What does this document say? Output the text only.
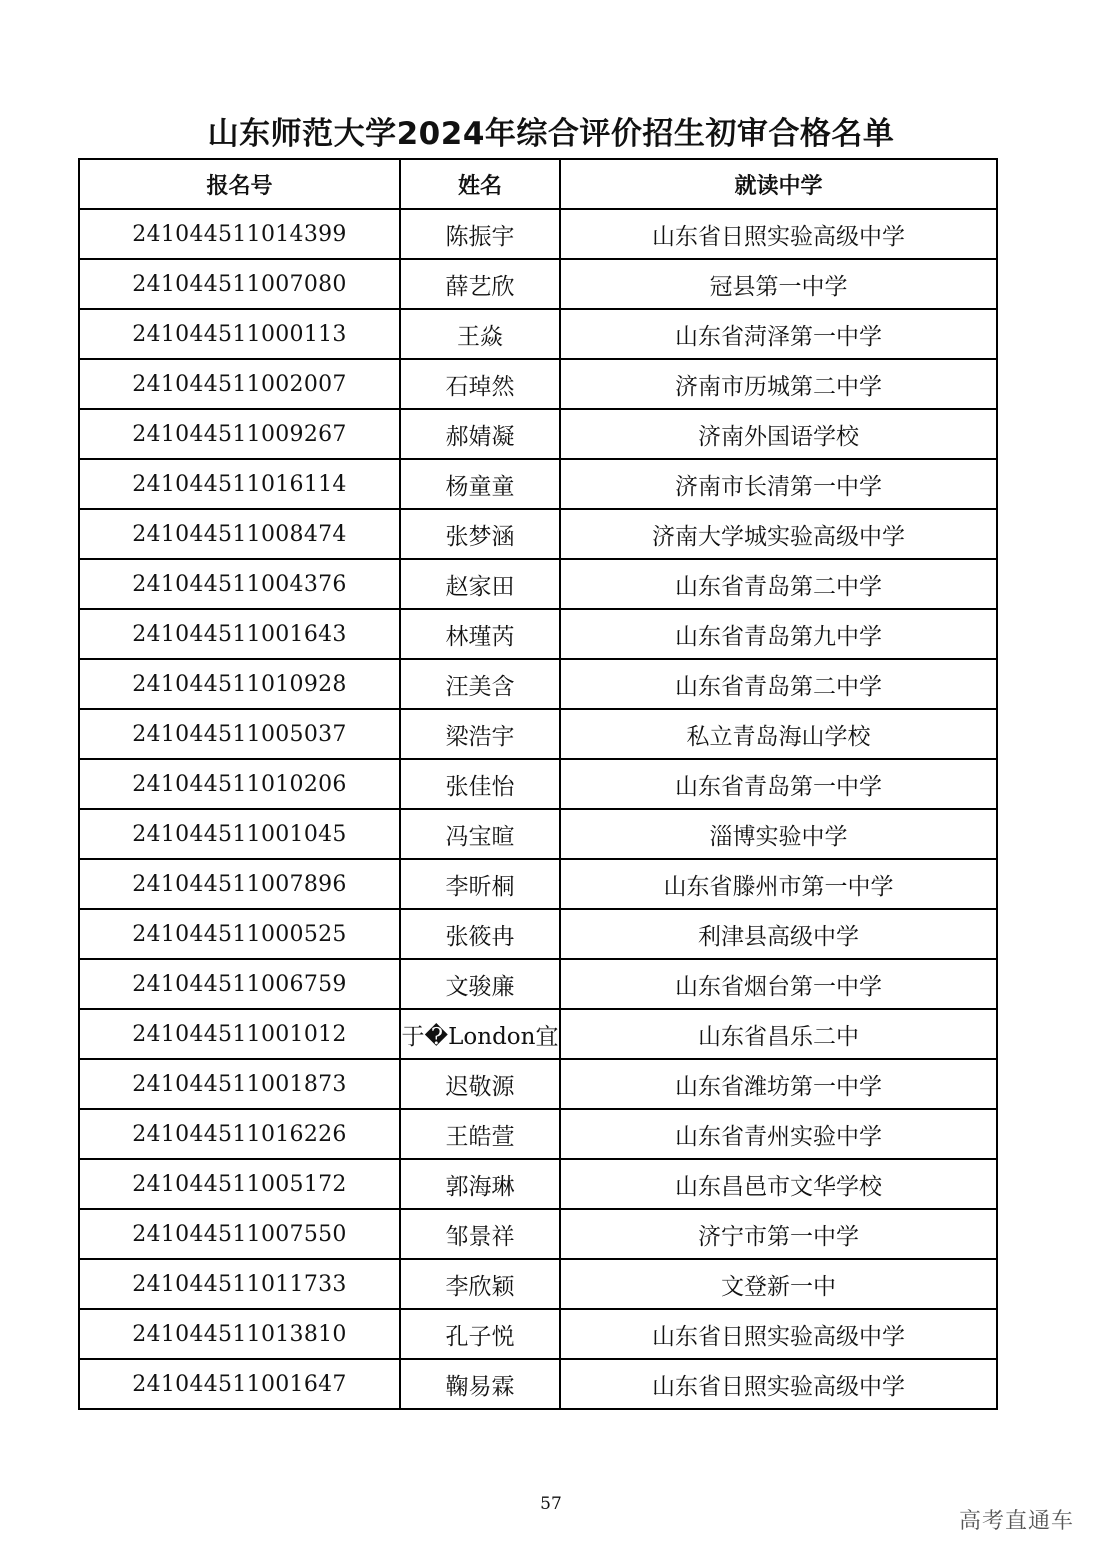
山东师范大学2024年综合评价招生初审合格名单
报名号	姓名	就读中学
241044511014399	陈振宇	山东省日照实验高级中学
241044511007080	薛艺欣	冠县第一中学
241044511000113	王焱	山东省菏泽第一中学
241044511002007	石琸然	济南市历城第二中学
241044511009267	郝婧凝	济南外国语学校
241044511016114	杨童童	济南市长清第一中学
241044511008474	张梦涵	济南大学城实验高级中学
241044511004376	赵家田	山东省青岛第二中学
241044511001643	林瑾芮	山东省青岛第九中学
241044511010928	汪美含	山东省青岛第二中学
241044511005037	梁浩宇	私立青岛海山学校
241044511010206	张佳怡	山东省青岛第一中学
241044511001045	冯宝暄	淄博实验中学
241044511007896	李昕桐	山东省滕州市第一中学
241044511000525	张筱冉	利津县高级中学
241044511006759	文骏廉	山东省烟台第一中学
241044511001012	于�London宜	山东省昌乐二中
241044511001873	迟敬源	山东省潍坊第一中学
241044511016226	王皓萱	山东省青州实验中学
241044511005172	郭海琳	山东昌邑市文华学校
241044511007550	邹景祥	济宁市第一中学
241044511011733	李欣颖	文登新一中
241044511013810	孔子悦	山东省日照实验高级中学
241044511001647	鞠易霖	山东省日照实验高级中学
57
高考直通车
